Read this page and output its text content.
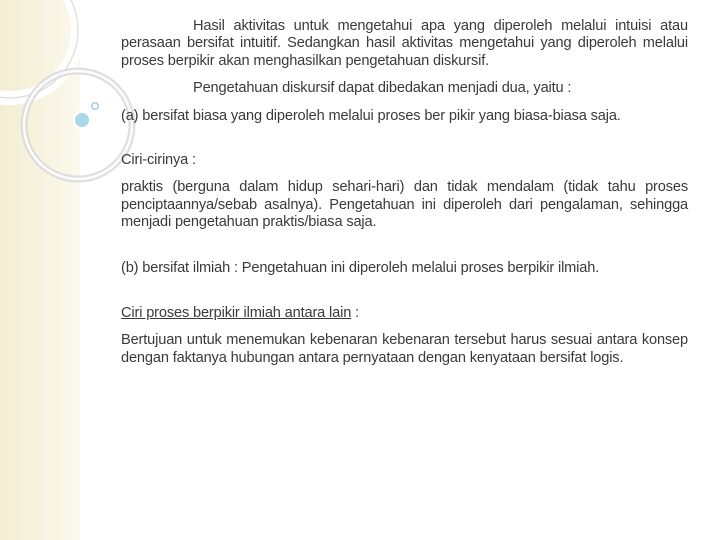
Hasil aktivitas untuk mengetahui apa yang diperoleh melalui intuisi atau perasaan bersifat intuitif. Sedangkan hasil aktivitas mengetahui yang diperoleh melalui proses berpikir akan menghasilkan pengetahuan diskursif.

Pengetahuan diskursif dapat dibedakan menjadi dua, yaitu :

(a) bersifat biasa yang diperoleh melalui proses ber pikir yang biasa-biasa saja.

Ciri-cirinya :

praktis (berguna dalam hidup sehari-hari) dan tidak mendalam (tidak tahu proses penciptaannya/sebab asalnya). Pengetahuan ini diperoleh dari pengalaman, sehingga menjadi pengetahuan praktis/biasa saja.

(b) bersifat ilmiah : Pengetahuan ini diperoleh melalui proses berpikir ilmiah.

Ciri proses berpikir ilmiah antara lain :

Bertujuan untuk menemukan kebenaran kebenaran tersebut harus sesuai antara konsep dengan faktanya hubungan antara pernyataan dengan kenyataan bersifat logis.
